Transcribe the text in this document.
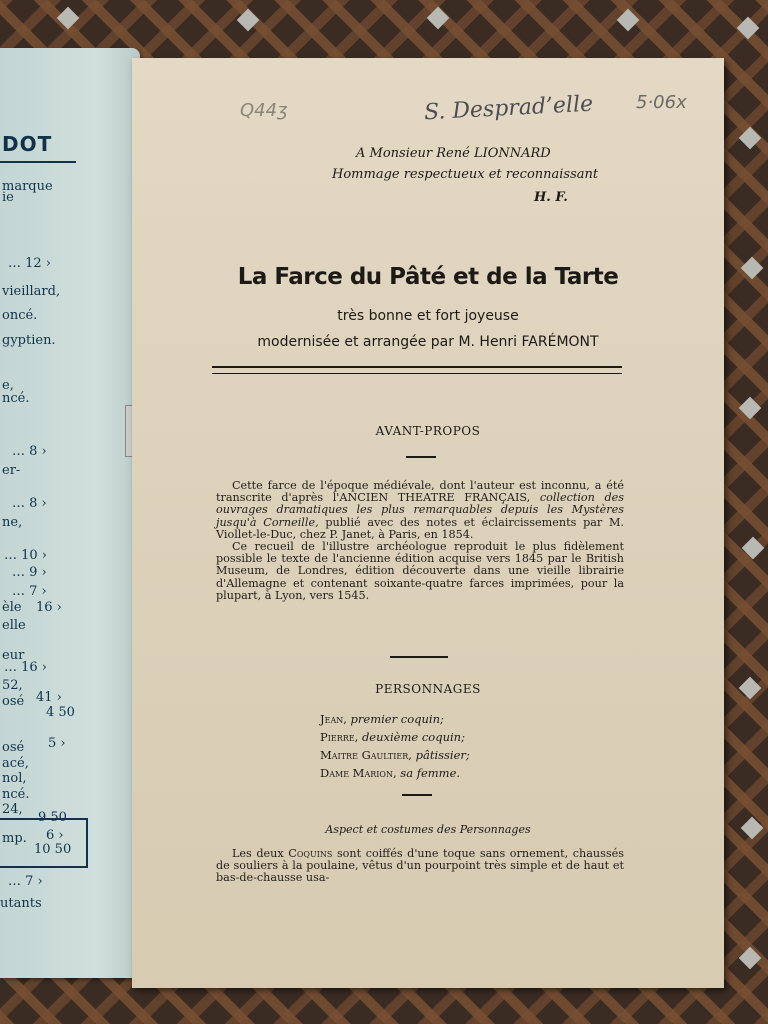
DOT
marque
ie
vieillard,
oncé.
gyptien.
e,
ncé.
er-
ne,
èle
elle
eur
52,
osé
osé
acé,
nol,
ncé.
24,
mp.
… 12 ›
… 8 ›
… 8 ›
… 10 ›
… 9 ›
… 7 ›
16 ›
… 16 ›
41 ›
4 50
5 ›
9 50
6 ›
10 50
… 7 ›
utants
Q44ʒ	S. Desprad’elle 5·06x
A Monsieur René LIONNARD
Hommage respectueux et reconnaissant
H. F.
La Farce du Pâté et de la Tarte
très bonne et fort joyeuse
modernisée et arrangée par M. Henri FARÉMONT
AVANT-PROPOS

Cette farce de l'époque médiévale, dont l'auteur est inconnu, a été transcrite d'après l'ANCIEN THEATRE FRANÇAIS, collection des ouvrages dramatiques les plus remarquables depuis les Mystères jusqu'à Corneille, publié avec des notes et éclaircissements par M. Viollet-le-Duc, chez P. Janet, à Paris, en 1854.

Ce recueil de l'illustre archéologue reproduit le plus fidèlement possible le texte de l'ancienne édition acquise vers 1845 par le British Museum, de Londres, édition découverte dans une vieille librairie d'Allemagne et contenant soixante-quatre farces imprimées, pour la plupart, à Lyon, vers 1545.

PERSONNAGES
Jean, premier coquin;
Pierre, deuxième coquin;
Maitre Gaultier, pâtissier;
Dame Marion, sa femme.
Aspect et costumes des Personnages

Les deux Coquins sont coiffés d'une toque sans ornement, chaussés de souliers à la poulaine, vêtus d'un pourpoint très simple et de haut et bas-de-chausse usa-
